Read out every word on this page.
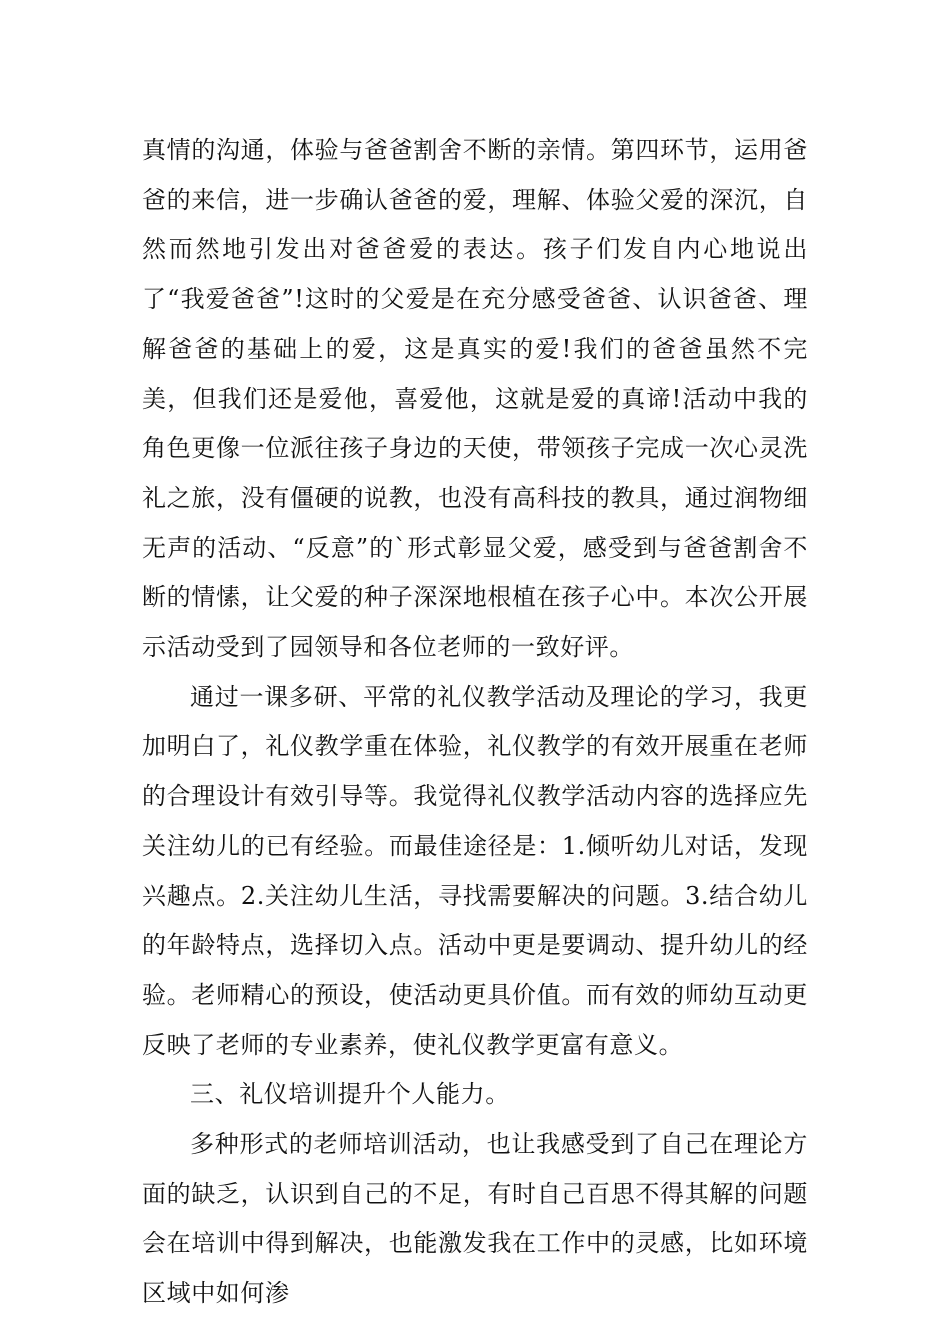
真情的沟通，体验与爸爸割舍不断的亲情。第四环节，运用爸爸的来信，进一步确认爸爸的爱，理解、体验父爱的深沉，自然而然地引发出对爸爸爱的表达。孩子们发自内心地说出了“我爱爸爸”!这时的父爱是在充分感受爸爸、认识爸爸、理解爸爸的基础上的爱，这是真实的爱!我们的爸爸虽然不完美，但我们还是爱他，喜爱他，这就是爱的真谛!活动中我的角色更像一位派往孩子身边的天使，带领孩子完成一次心灵洗礼之旅，没有僵硬的说教，也没有高科技的教具，通过润物细无声的活动、“反意”的`形式彰显父爱，感受到与爸爸割舍不断的情愫，让父爱的种子深深地根植在孩子心中。本次公开展示活动受到了园领导和各位老师的一致好评。

通过一课多研、平常的礼仪教学活动及理论的学习，我更加明白了，礼仪教学重在体验，礼仪教学的有效开展重在老师的合理设计有效引导等。我觉得礼仪教学活动内容的选择应先关注幼儿的已有经验。而最佳途径是：1.倾听幼儿对话，发现兴趣点。2.关注幼儿生活，寻找需要解决的问题。3.结合幼儿的年龄特点，选择切入点。活动中更是要调动、提升幼儿的经验。老师精心的预设，使活动更具价值。而有效的师幼互动更反映了老师的专业素养，使礼仪教学更富有意义。

三、礼仪培训提升个人能力。

多种形式的老师培训活动，也让我感受到了自己在理论方面的缺乏，认识到自己的不足，有时自己百思不得其解的问题会在培训中得到解决，也能激发我在工作中的灵感，比如环境区域中如何渗
